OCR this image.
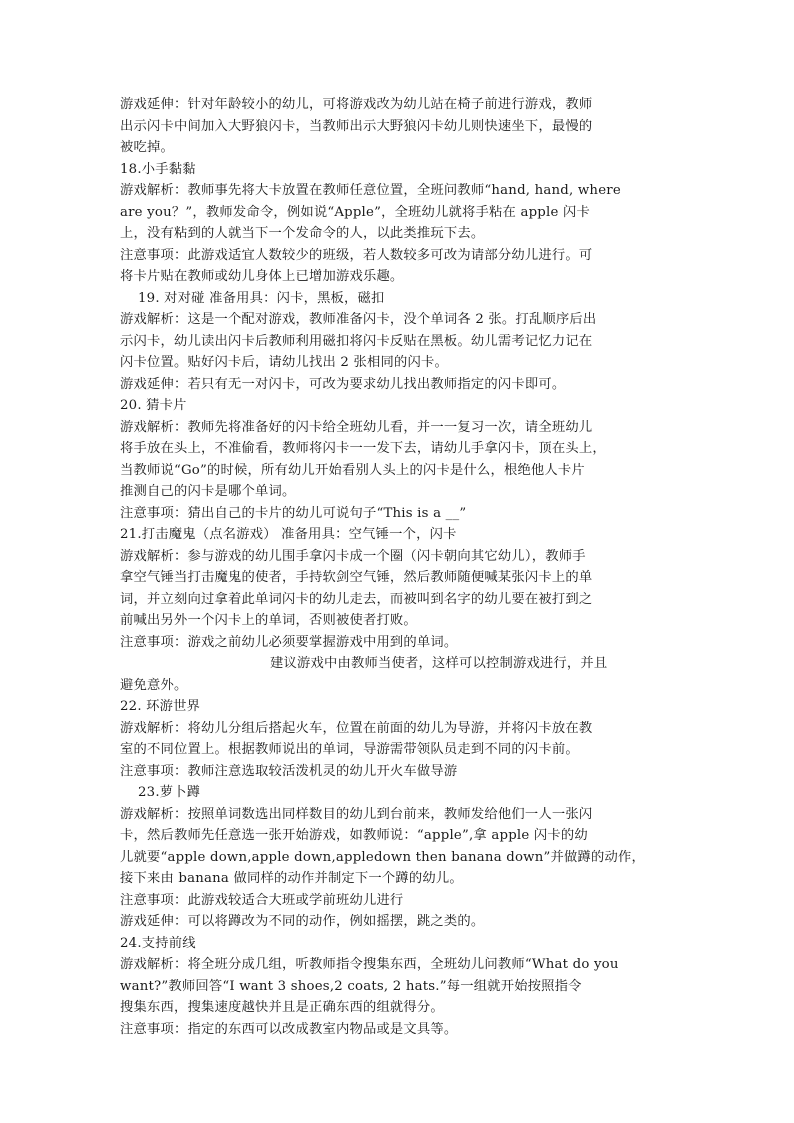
游戏延伸：针对年龄较小的幼儿，可将游戏改为幼儿站在椅子前进行游戏，教师
出示闪卡中间加入大野狼闪卡，当教师出示大野狼闪卡幼儿则快速坐下，最慢的
被吃掉。
18.小手黏黏
游戏解析：教师事先将大卡放置在教师任意位置，全班问教师“hand, hand, where
are you？”，教师发命令，例如说“Apple”，全班幼儿就将手粘在 apple 闪卡
上，没有粘到的人就当下一个发命令的人，以此类推玩下去。
注意事项：此游戏适宜人数较少的班级，若人数较多可改为请部分幼儿进行。可
将卡片贴在教师或幼儿身体上已增加游戏乐趣。
19. 对对碰 准备用具：闪卡，黑板，磁扣
游戏解析：这是一个配对游戏，教师准备闪卡，没个单词各 2 张。打乱顺序后出
示闪卡，幼儿读出闪卡后教师利用磁扣将闪卡反贴在黑板。幼儿需考记忆力记在
闪卡位置。贴好闪卡后，请幼儿找出 2 张相同的闪卡。
游戏延伸：若只有无一对闪卡，可改为要求幼儿找出教师指定的闪卡即可。
20. 猜卡片
游戏解析：教师先将准备好的闪卡给全班幼儿看，并一一复习一次，请全班幼儿
将手放在头上，不准偷看，教师将闪卡一一发下去，请幼儿手拿闪卡，顶在头上，
当教师说“Go”的时候，所有幼儿开始看别人头上的闪卡是什么，根绝他人卡片
推测自己的闪卡是哪个单词。
注意事项：猜出自己的卡片的幼儿可说句子“This is a __”
21.打击魔鬼（点名游戏） 准备用具：空气锤一个，闪卡
游戏解析：参与游戏的幼儿围手拿闪卡成一个圈（闪卡朝向其它幼儿），教师手
拿空气锤当打击魔鬼的使者，手持软剑空气锤，然后教师随便喊某张闪卡上的单
词，并立刻向过拿着此单词闪卡的幼儿走去，而被叫到名字的幼儿要在被打到之
前喊出另外一个闪卡上的单词，否则被使者打败。
注意事项：游戏之前幼儿必须要掌握游戏中用到的单词。
建议游戏中由教师当使者，这样可以控制游戏进行，并且
避免意外。
22. 环游世界
游戏解析：将幼儿分组后搭起火车，位置在前面的幼儿为导游，并将闪卡放在教
室的不同位置上。根据教师说出的单词，导游需带领队员走到不同的闪卡前。
注意事项：教师注意选取较活泼机灵的幼儿开火车做导游
23.萝卜蹲
游戏解析：按照单词数选出同样数目的幼儿到台前来，教师发给他们一人一张闪
卡，然后教师先任意选一张开始游戏，如教师说：“apple”,拿 apple 闪卡的幼
儿就要“apple down,apple down,appledown then banana down”并做蹲的动作，
接下来由 banana 做同样的动作并制定下一个蹲的幼儿。
注意事项：此游戏较适合大班或学前班幼儿进行
游戏延伸：可以将蹲改为不同的动作，例如摇摆，跳之类的。
24.支持前线
游戏解析：将全班分成几组，听教师指令搜集东西，全班幼儿问教师“What do you
want?”教师回答“I want 3 shoes,2 coats, 2 hats.”每一组就开始按照指令
搜集东西，搜集速度越快并且是正确东西的组就得分。
注意事项：指定的东西可以改成教室内物品或是文具等。
